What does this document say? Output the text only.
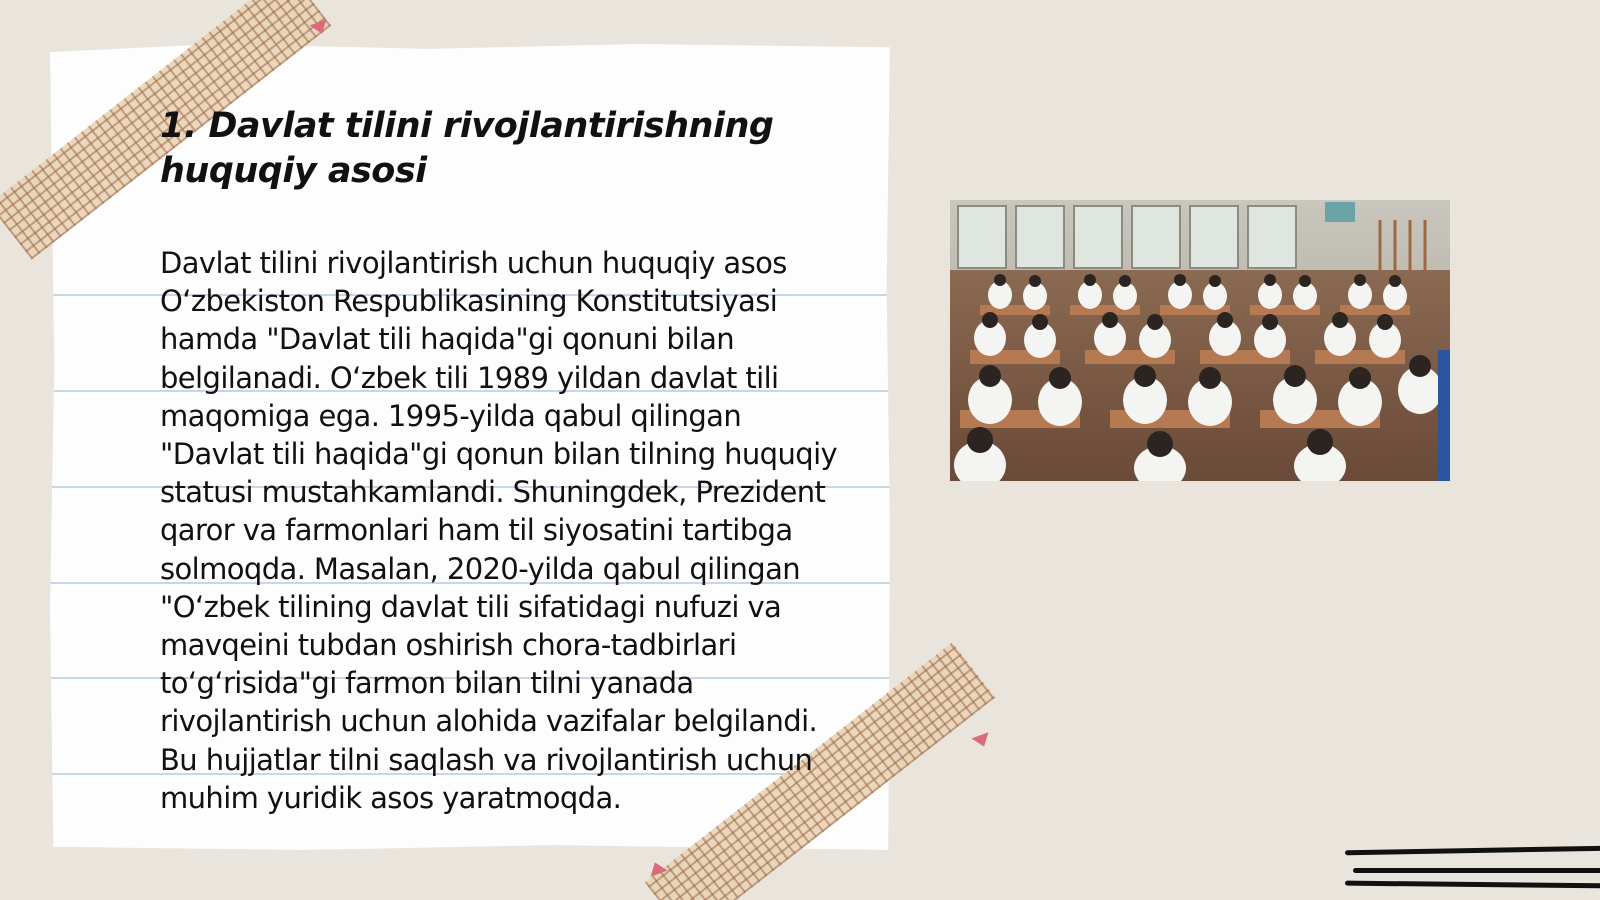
1. Davlat tilini rivojlantirishning huquqiy asosi

Davlat tilini rivojlantirish uchun huquqiy asos O‘zbekiston Respublikasining Konstitutsiyasi hamda "Davlat tili haqida"gi qonuni bilan belgilanadi. O‘zbek tili 1989 yildan davlat tili maqomiga ega. 1995-yilda qabul qilingan "Davlat tili haqida"gi qonun bilan tilning huquqiy statusi mustahkamlandi. Shuningdek, Prezident qaror va farmonlari ham til siyosatini tartibga solmoqda. Masalan, 2020-yilda qabul qilingan "O‘zbek tilining davlat tili sifatidagi nufuzi va mavqeini tubdan oshirish chora-tadbirlari to‘g‘risida"gi farmon bilan tilni yanada rivojlantirish uchun alohida vazifalar belgilandi. Bu hujjatlar tilni saqlash va rivojlantirish uchun muhim yuridik asos yaratmoqda.
